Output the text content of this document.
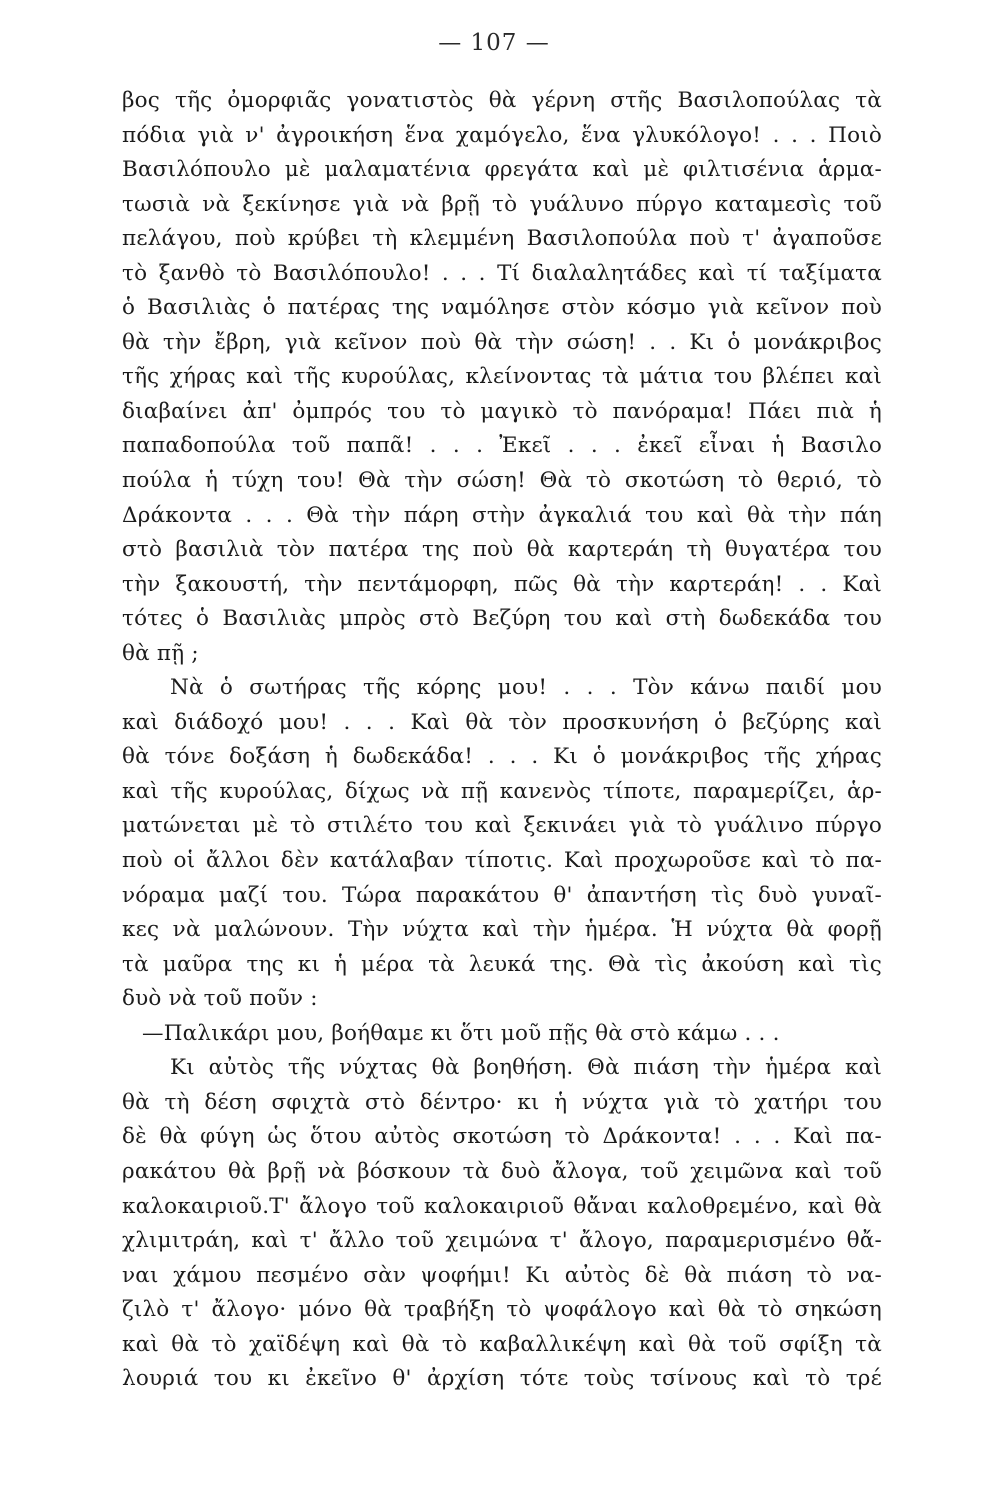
— 107 —
βος τῆς ὀμορφιᾶς γονατιστὸς θὰ γέρνη στῆς Βασιλοπούλας τὰ
πόδια γιὰ ν' ἀγροικήση ἕνα χαμόγελο, ἕνα γλυκόλογο! . . . Ποιὸ
Βασιλόπουλο μὲ μαλαματένια φρεγάτα καὶ μὲ φιλτισένια ἁρμα-
τωσιὰ νὰ ξεκίνησε γιὰ νὰ βρῇ τὸ γυάλυνο πύργο καταμεσὶς τοῦ
πελάγου, ποὺ κρύβει τὴ κλεμμένη Βασιλοπούλα ποὺ τ' ἀγαποῦσε
τὸ ξανθὸ τὸ Βασιλόπουλο! . . . Τί διαλαλητάδες καὶ τί ταξίματα
ὁ Βασιλιὰς ὁ πατέρας της ναμόλησε στὸν κόσμο γιὰ κεῖνον ποὺ
θὰ τὴν ἔβρη, γιὰ κεῖνον ποὺ θὰ τὴν σώση! . . Κι ὁ μονάκριβος
τῆς χήρας καὶ τῆς κυρούλας, κλείνοντας τὰ μάτια του βλέπει καὶ
διαβαίνει ἀπ' ὀμπρός του τὸ μαγικὸ τὸ πανόραμα! Πάει πιὰ ἡ
παπαδοπούλα τοῦ παπᾶ! . . . Ἐκεῖ . . . ἐκεῖ εἶναι ἡ Βασιλο
πούλα ἡ τύχη του! Θὰ τὴν σώση! Θὰ τὸ σκοτώση τὸ θεριό, τὸ
Δράκοντα . . . Θὰ τὴν πάρη στὴν ἀγκαλιά του καὶ θὰ τὴν πάη
στὸ βασιλιὰ τὸν πατέρα της ποὺ θὰ καρτεράη τὴ θυγατέρα του
τὴν ξακουστή, τὴν πεντάμορφη, πῶς θὰ τὴν καρτεράη! . . Καὶ
τότες ὁ Βασιλιὰς μπρὸς στὸ Βεζύρη του καὶ στὴ δωδεκάδα του
θὰ πῇ ;
Νὰ ὁ σωτήρας τῆς κόρης μου! . . . Τὸν κάνω παιδί μου
καὶ διάδοχό μου! . . . Καὶ θὰ τὸν προσκυνήση ὁ βεζύρης καὶ
θὰ τόνε δοξάση ἡ δωδεκάδα! . . . Κι ὁ μονάκριβος τῆς χήρας
καὶ τῆς κυρούλας, δίχως νὰ πῇ κανενὸς τίποτε, παραμερίζει, ἁρ-
ματώνεται μὲ τὸ στιλέτο του καὶ ξεκινάει γιὰ τὸ γυάλινο πύργο
ποὺ οἱ ἄλλοι δὲν κατάλαβαν τίποτις. Καὶ προχωροῦσε καὶ τὸ πα-
νόραμα μαζί του. Τώρα παρακάτου θ' ἀπαντήση τὶς δυὸ γυναῖ-
κες νὰ μαλώνουν. Τὴν νύχτα καὶ τὴν ἡμέρα. Ἡ νύχτα θὰ φορῇ
τὰ μαῦρα της κι ἡ μέρα τὰ λευκά της. Θὰ τὶς ἀκούση καὶ τὶς
δυὸ νὰ τοῦ ποῦν :
—Παλικάρι μου, βοήθαμε κι ὅτι μοῦ πῇς θὰ στὸ κάμω . . .
Κι αὐτὸς τῆς νύχτας θὰ βοηθήση. Θὰ πιάση τὴν ἡμέρα καὶ
θὰ τὴ δέση σφιχτὰ στὸ δέντρο· κι ἡ νύχτα γιὰ τὸ χατήρι του
δὲ θὰ φύγη ὡς ὅτου αὐτὸς σκοτώση τὸ Δράκοντα! . . . Καὶ πα-
ρακάτου θὰ βρῇ νὰ βόσκουν τὰ δυὸ ἄλογα, τοῦ χειμῶνα καὶ τοῦ
καλοκαιριοῦ.Τ' ἄλογο τοῦ καλοκαιριοῦ θἄναι καλοθρεμένο, καὶ θὰ
χλιμιτράη, καὶ τ' ἄλλο τοῦ χειμώνα τ' ἄλογο, παραμερισμένο θἄ-
ναι χάμου πεσμένο σὰν ψοφήμι! Κι αὐτὸς δὲ θὰ πιάση τὸ να-
ζιλὸ τ' ἄλογο· μόνο θὰ τραβήξη τὸ ψοφάλογο καὶ θὰ τὸ σηκώση
καὶ θὰ τὸ χαϊδέψη καὶ θὰ τὸ καβαλλικέψη καὶ θὰ τοῦ σφίξη τὰ
λουριά του κι ἐκεῖνο θ' ἀρχίση τότε τοὺς τσίνους καὶ τὸ τρέ
